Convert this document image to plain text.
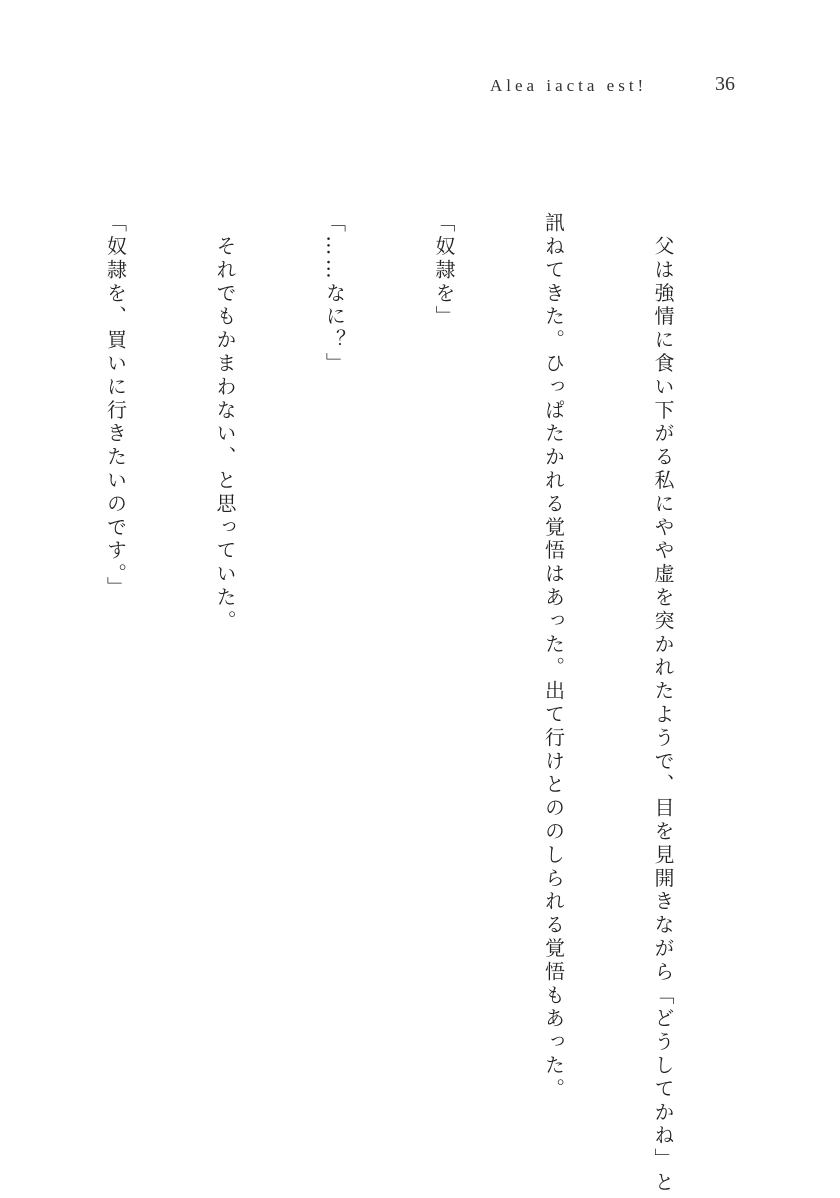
Alea iacta est!	36

　父は強情に食い下がる私にやや虚を突かれたようで、目を見開きながら「どうしてかね」と

訊ねてきた。ひっぱたかれる覚悟はあった。出て行けとののしられる覚悟もあった。

「奴隷を」

「……なに？」

　それでもかまわない、と思っていた。

「奴隷を、買いに行きたいのです。」
